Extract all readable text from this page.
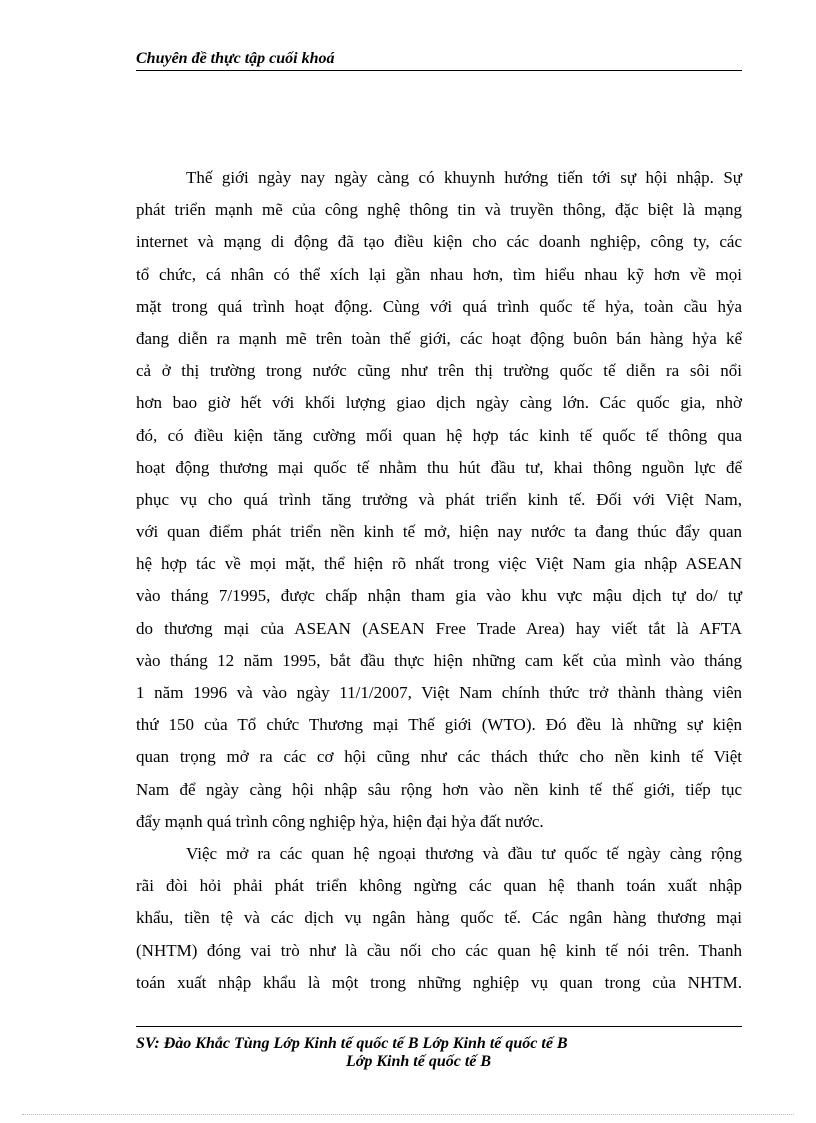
Chuyên đề thực tập cuối khoá
Thế giới ngày nay ngày càng có khuynh hướng tiến tới sự hội nhập. Sự
phát triển mạnh mẽ của công nghệ thông tin và truyền thông, đặc biệt là mạng
internet và mạng di động đã tạo điều kiện cho các doanh nghiệp, công ty, các
tổ chức, cá nhân có thể xích lại gần nhau hơn, tìm hiểu nhau kỹ hơn về mọi
mặt trong quá trình hoạt động. Cùng với quá trình quốc tế hỷa, toàn cầu hỷa
đang diễn ra mạnh mẽ trên toàn thế giới, các hoạt động buôn bán hàng hỷa kể
cả ở thị trường trong nước cũng như trên thị trường quốc tế diễn ra sôi nổi
hơn bao giờ hết với khối lượng giao dịch ngày càng lớn. Các quốc gia, nhờ
đó, có điều kiện tăng cường mối quan hệ hợp tác kinh tế quốc tế thông qua
hoạt động thương mại quốc tế nhằm thu hút đầu tư, khai thông nguồn lực để
phục vụ cho quá trình tăng trưởng và phát triển kinh tế. Đối với Việt Nam,
với quan điểm phát triển nền kinh tế mở, hiện nay nước ta đang thúc đẩy quan
hệ hợp tác về mọi mặt, thể hiện rõ nhất trong việc Việt Nam gia nhập ASEAN
vào tháng 7/1995, được chấp nhận tham gia vào khu vực mậu dịch tự do/ tự
do thương mại của ASEAN (ASEAN Free Trade Area) hay viết tắt là AFTA
vào tháng 12 năm 1995, bắt đầu thực hiện những cam kết của mình vào tháng
1 năm 1996 và vào ngày 11/1/2007, Việt Nam chính thức trở thành thàng viên
thứ 150 của Tổ chức Thương mại Thế giới (WTO). Đó đều là những sự kiện
quan trọng mở ra các cơ hội cũng như các thách thức cho nền kinh tế Việt
Nam để ngày càng hội nhập sâu rộng hơn vào nền kinh tế thế giới, tiếp tục
đẩy mạnh quá trình công nghiệp hỷa, hiện đại hỷa đất nước.
Việc mở ra các quan hệ ngoại thương và đầu tư quốc tế ngày càng rộng
rãi đòi hỏi phải phát triển không ngừng các quan hệ thanh toán xuất nhập
khẩu, tiền tệ và các dịch vụ ngân hàng quốc tế. Các ngân hàng thương mại
(NHTM) đóng vai trò như là cầu nối cho các quan hệ kinh tế nói trên. Thanh
toán xuất nhập khẩu là một trong những nghiệp vụ quan trong của NHTM.
SV: Đào Khắc Tùng Lớp Kinh tế quốc tế B Lớp Kinh tế quốc tế B
Lớp Kinh tế quốc tế B
